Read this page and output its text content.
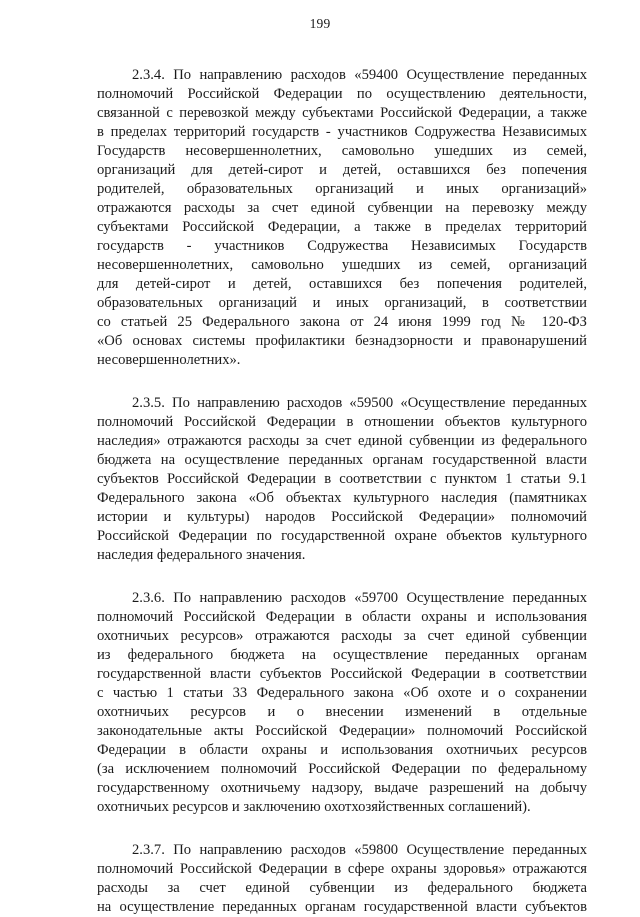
199
2.3.4. По направлению расходов «59400 Осуществление переданных
полномочий Российской Федерации по осуществлению деятельности,
связанной с перевозкой между субъектами Российской Федерации, а также
в пределах территорий государств - участников Содружества Независимых
Государств несовершеннолетних, самовольно ушедших из семей,
организаций для детей-сирот и детей, оставшихся без попечения
родителей, образовательных организаций и иных организаций»
отражаются расходы за счет единой субвенции на перевозку между
субъектами Российской Федерации, а также в пределах территорий
государств - участников Содружества Независимых Государств
несовершеннолетних, самовольно ушедших из семей, организаций
для детей-сирот и детей, оставшихся без попечения родителей,
образовательных организаций и иных организаций, в соответствии
со статьей 25 Федерального закона от 24 июня 1999 год № 120-ФЗ
«Об основах системы профилактики безнадзорности и правонарушений
несовершеннолетних».
2.3.5. По направлению расходов «59500 «Осуществление переданных
полномочий Российской Федерации в отношении объектов культурного
наследия» отражаются расходы за счет единой субвенции из федерального
бюджета на осуществление переданных органам государственной власти
субъектов Российской Федерации в соответствии с пунктом 1 статьи 9.1
Федерального закона «Об объектах культурного наследия (памятниках
истории и культуры) народов Российской Федерации» полномочий
Российской Федерации по государственной охране объектов культурного
наследия федерального значения.
2.3.6. По направлению расходов «59700 Осуществление переданных
полномочий Российской Федерации в области охраны и использования
охотничьих ресурсов» отражаются расходы за счет единой субвенции
из федерального бюджета на осуществление переданных органам
государственной власти субъектов Российской Федерации в соответствии
с частью 1 статьи 33 Федерального закона «Об охоте и о сохранении
охотничьих ресурсов и о внесении изменений в отдельные
законодательные акты Российской Федерации» полномочий Российской
Федерации в области охраны и использования охотничьих ресурсов
(за исключением полномочий Российской Федерации по федеральному
государственному охотничьему надзору, выдаче разрешений на добычу
охотничьих ресурсов и заключению охотхозяйственных соглашений).
2.3.7. По направлению расходов «59800 Осуществление переданных
полномочий Российской Федерации в сфере охраны здоровья» отражаются
расходы за счет единой субвенции из федерального бюджета
на осуществление переданных органам государственной власти субъектов
